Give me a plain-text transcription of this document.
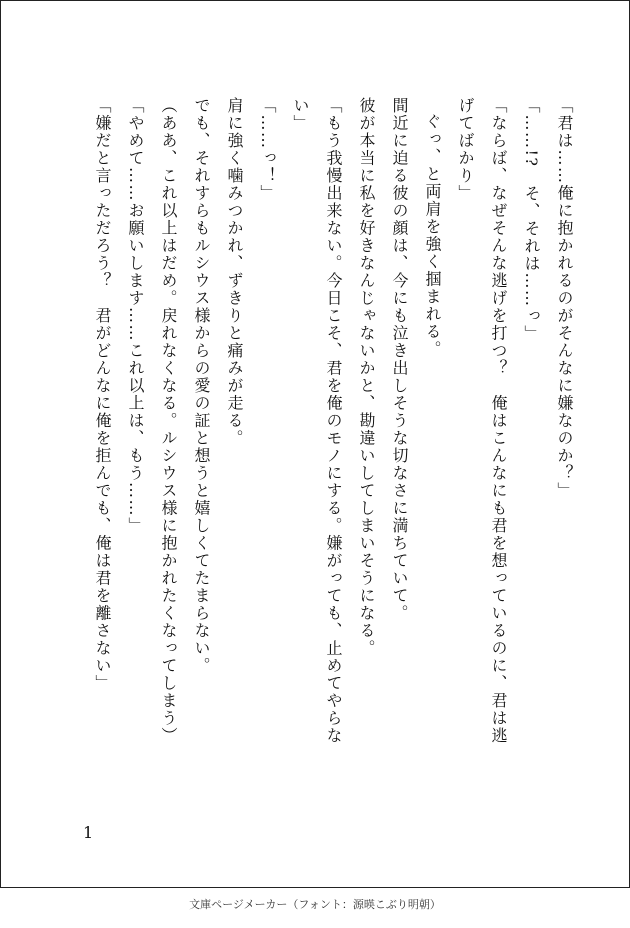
「君は……俺に抱かれるのがそんなに嫌なのか？」
「……!?　そ、それは……っ」
「ならば、なぜそんな逃げを打つ？　俺はこんなにも君を想っているのに、君は逃げてばかり」
ぐっ、と両肩を強く掴まれる。
間近に迫る彼の顔は、今にも泣き出しそうな切なさに満ちていて。
彼が本当に私を好きなんじゃないかと、勘違いしてしまいそうになる。
「もう我慢出来ない。今日こそ、君を俺のモノにする。嫌がっても、止めてやらない」
「……っ！」
肩に強く噛みつかれ、ずきりと痛みが走る。
でも、それすらもルシウス様からの愛の証と想うと嬉しくてたまらない。
（ああ、これ以上はだめ。戻れなくなる。ルシウス様に抱かれたくなってしまう）
「やめて……お願いします……これ以上は、もう……」
「嫌だと言っただろう？　君がどんなに俺を拒んでも、俺は君を離さない」
1
文庫ページメーカー（フォント：源暎こぶり明朝）
